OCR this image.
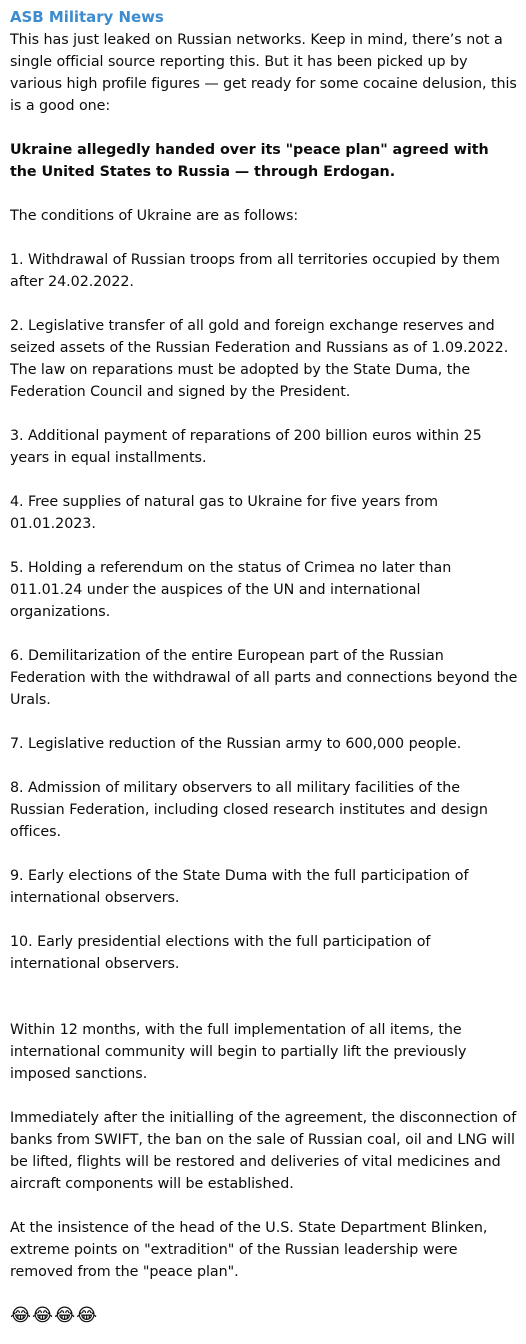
ASB Military News

This has just leaked on Russian networks. Keep in mind, there’s not a single official source reporting this. But it has been picked up by various high profile figures — get ready for some cocaine delusion, this is a good one:

Ukraine allegedly handed over its "peace plan" agreed with the United States to Russia — through Erdogan.

The conditions of Ukraine are as follows:

1. Withdrawal of Russian troops from all territories occupied by them after 24.02.2022.

2. Legislative transfer of all gold and foreign exchange reserves and seized assets of the Russian Federation and Russians as of 1.09.2022. The law on reparations must be adopted by the State Duma, the Federation Council and signed by the President.

3. Additional payment of reparations of 200 billion euros within 25 years in equal installments.

4. Free supplies of natural gas to Ukraine for five years from 01.01.2023.

5. Holding a referendum on the status of Crimea no later than 011.01.24 under the auspices of the UN and international organizations.

6. Demilitarization of the entire European part of the Russian Federation with the withdrawal of all parts and connections beyond the Urals.

7. Legislative reduction of the Russian army to 600,000 people.

8. Admission of military observers to all military facilities of the Russian Federation, including closed research institutes and design offices.

9. Early elections of the State Duma with the full participation of international observers.

10. Early presidential elections with the full participation of international observers.

Within 12 months, with the full implementation of all items, the international community will begin to partially lift the previously imposed sanctions.

Immediately after the initialling of the agreement, the disconnection of banks from SWIFT, the ban on the sale of Russian coal, oil and LNG will be lifted, flights will be restored and deliveries of vital medicines and aircraft components will be established.

At the insistence of the head of the U.S. State Department Blinken, extreme points on "extradition" of the Russian leadership were removed from the "peace plan".

😂😂😂😂
